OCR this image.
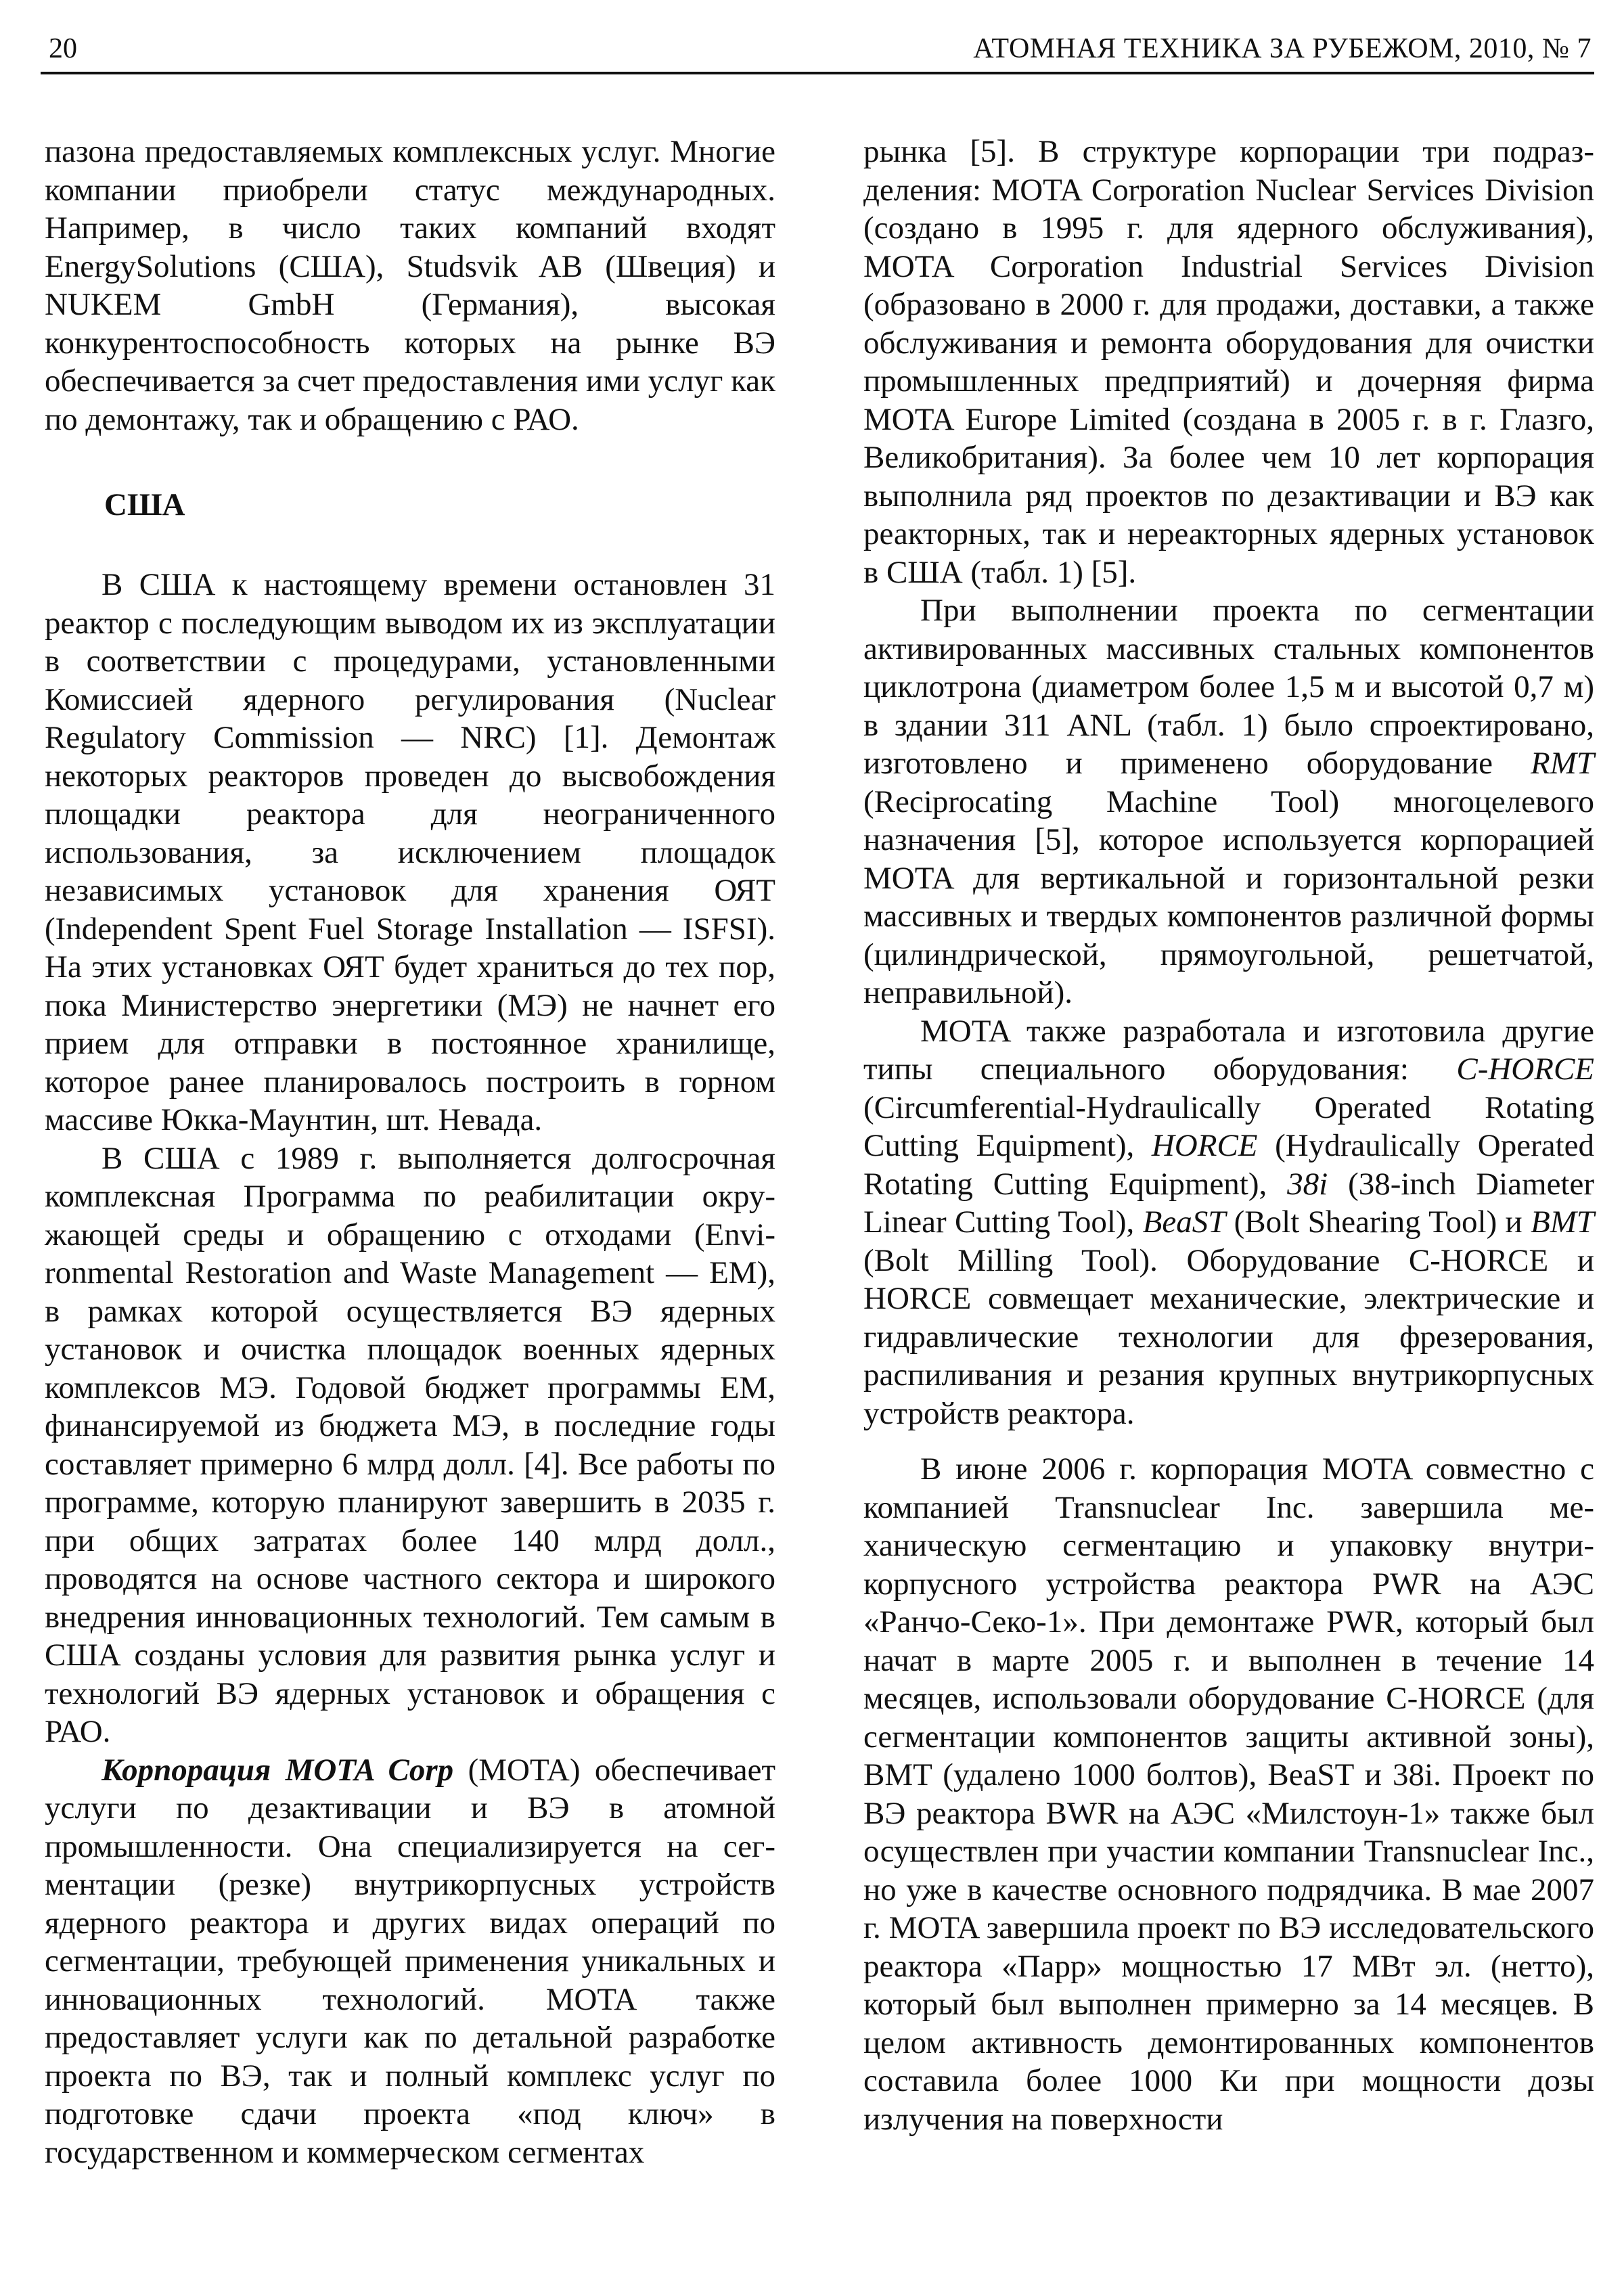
20	АТОМНАЯ ТЕХНИКА ЗА РУБЕЖОМ, 2010, № 7

пазона предоставляемых комплексных услуг. Многие компании приобрели статус международных. Например, в число таких компаний входят EnergySolutions (США), Studsvik AB (Швеция) и NUKEM GmbH (Германия), высокая конкурентоспособность которых на рынке ВЭ обеспечивается за счет предоставления ими услуг как по демонтажу, так и обращению с РАО.

США

В США к настоящему времени остановлен 31 реактор с последующим выводом их из эксплуатации в соответствии с процедурами, установленными Комиссией ядерного регулирования (Nuclear Regulatory Commission — NRC) [1]. Демонтаж некоторых реакторов проведен до высвобождения площадки реактора для неограниченного использования, за исключением площадок независимых установок для хранения ОЯТ (Independent Spent Fuel Storage Installation — ISFSI). На этих установках ОЯТ будет храниться до тех пор, пока Министерство энергетики (МЭ) не начнет его прием для отправки в постоянное хранилище, которое ранее планировалось построить в горном массиве Юкка-Маунтин, шт. Невада.

В США с 1989 г. выполняется долгосрочная комплексная Программа по реабилитации окружающей среды и обращению с отходами (Environmental Restoration and Waste Management — EM), в рамках которой осуществляется ВЭ ядерных установок и очистка площадок военных ядерных комплексов МЭ. Годовой бюджет программы EM, финансируемой из бюджета МЭ, в последние годы составляет примерно 6 млрд долл. [4]. Все работы по программе, которую планируют завершить в 2035 г. при общих затратах более 140 млрд долл., проводятся на основе частного сектора и широкого внедрения инновационных технологий. Тем самым в США созданы условия для развития рынка услуг и технологий ВЭ ядерных установок и обращения с РАО.

Корпорация MOTA Corp (MOTA) обеспечивает услуги по дезактивации и ВЭ в атомной промышленности. Она специализируется на сегментации (резке) внутрикорпусных устройств ядерного реактора и других видах операций по сегментации, требующей применения уникальных и инновационных технологий. MOTA также предоставляет услуги как по детальной разработке проекта по ВЭ, так и полный комплекс услуг по подготовке сдачи проекта «под ключ» в государственном и коммерческом сегментах

рынка [5]. В структуре корпорации три подразделения: MOTA Corporation Nuclear Services Division (создано в 1995 г. для ядерного обслуживания), MOTA Corporation Industrial Services Division (образовано в 2000 г. для продажи, доставки, а также обслуживания и ремонта оборудования для очистки промышленных предприятий) и дочерняя фирма MOTA Europe Limited (создана в 2005 г. в г. Глазго, Великобритания). За более чем 10 лет корпорация выполнила ряд проектов по дезактивации и ВЭ как реакторных, так и нереакторных ядерных установок в США (табл. 1) [5].

При выполнении проекта по сегментации активированных массивных стальных компонентов циклотрона (диаметром более 1,5 м и высотой 0,7 м) в здании 311 ANL (табл. 1) было спроектировано, изготовлено и применено оборудование RMT (Reciprocating Machine Tool) многоцелевого назначения [5], которое используется корпорацией MOTA для вертикальной и горизонтальной резки массивных и твердых компонентов различной формы (цилиндрической, прямоугольной, решетчатой, неправильной).

MOTA также разработала и изготовила другие типы специального оборудования: C-HORCE (Circumferential-Hydraulically Operated Rotating Cutting Equipment), HORCE (Hydraulically Operated Rotating Cutting Equipment), 38i (38-inch Diameter Linear Cutting Tool), BeaST (Bolt Shearing Tool) и BMT (Bolt Milling Tool). Оборудование C-HORCE и HORCE совмещает механические, электрические и гидравлические технологии для фрезерования, распиливания и резания крупных внутрикорпусных устройств реактора.

В июне 2006 г. корпорация MOTA совместно с компанией Transnuclear Inc. завершила механическую сегментацию и упаковку внутрикорпусного устройства реактора PWR на АЭС «Ранчо-Секо-1». При демонтаже PWR, который был начат в марте 2005 г. и выполнен в течение 14 месяцев, использовали оборудование C-HORCE (для сегментации компонентов защиты активной зоны), BMT (удалено 1000 болтов), BeaST и 38i. Проект по ВЭ реактора BWR на АЭС «Милстоун-1» также был осуществлен при участии компании Transnuclear Inc., но уже в качестве основного подрядчика. В мае 2007 г. MOTA завершила проект по ВЭ исследовательского реактора «Парр» мощностью 17 МВт эл. (нетто), который был выполнен примерно за 14 месяцев. В целом активность демонтированных компонентов составила более 1000 Ки при мощности дозы излучения на поверхности
